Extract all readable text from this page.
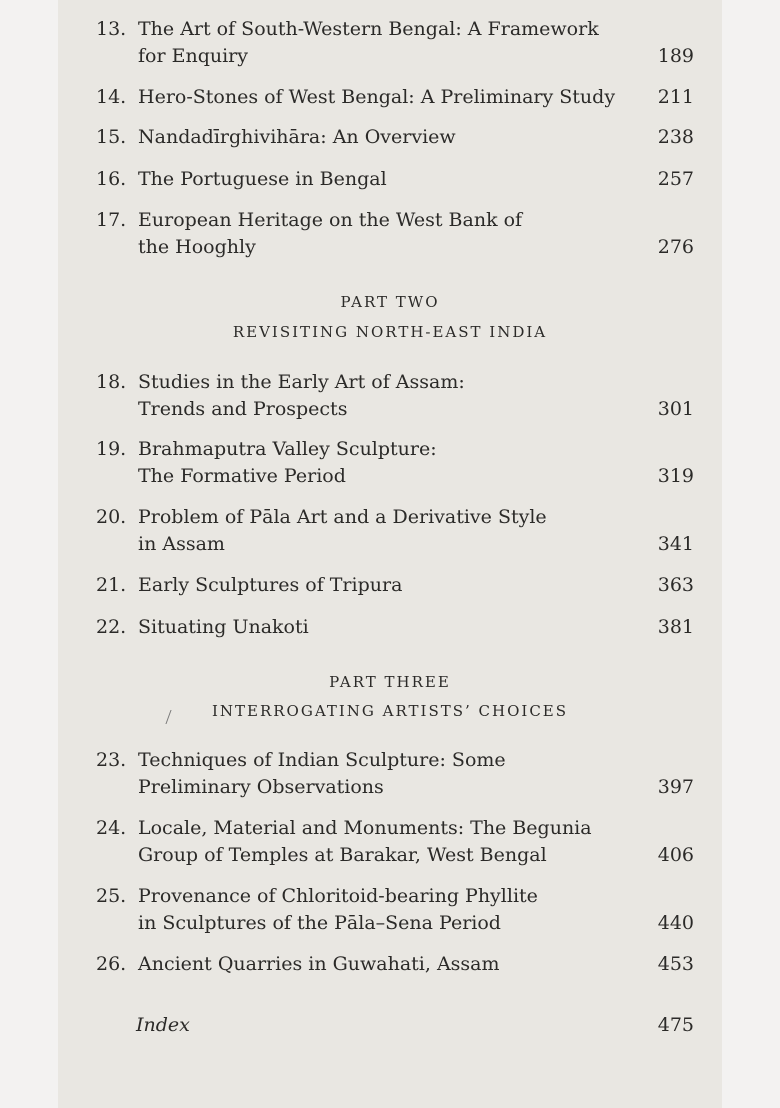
13. The Art of South-Western Bengal: A Framework
for Enquiry	189
14. Hero-Stones of West Bengal: A Preliminary Study 211
15. Nandadīrghivihāra: An Overview	238
16. The Portuguese in Bengal	257
17. European Heritage on the West Bank of
the Hooghly	276
PART TWO
REVISITING NORTH-EAST INDIA
18. Studies in the Early Art of Assam:
Trends and Prospects	301
19. Brahmaputra Valley Sculpture:
The Formative Period	319
20. Problem of Pāla Art and a Derivative Style
in Assam	341
21. Early Sculptures of Tripura	363
22. Situating Unakoti	381
PART THREE
INTERROGATING ARTISTS’ CHOICES
23. Techniques of Indian Sculpture: Some
Preliminary Observations	397
24. Locale, Material and Monuments: The Begunia
Group of Temples at Barakar, West Bengal	406
25. Provenance of Chloritoid-bearing Phyllite
in Sculptures of the Pāla–Sena Period	440
26. Ancient Quarries in Guwahati, Assam	453
Index	475
